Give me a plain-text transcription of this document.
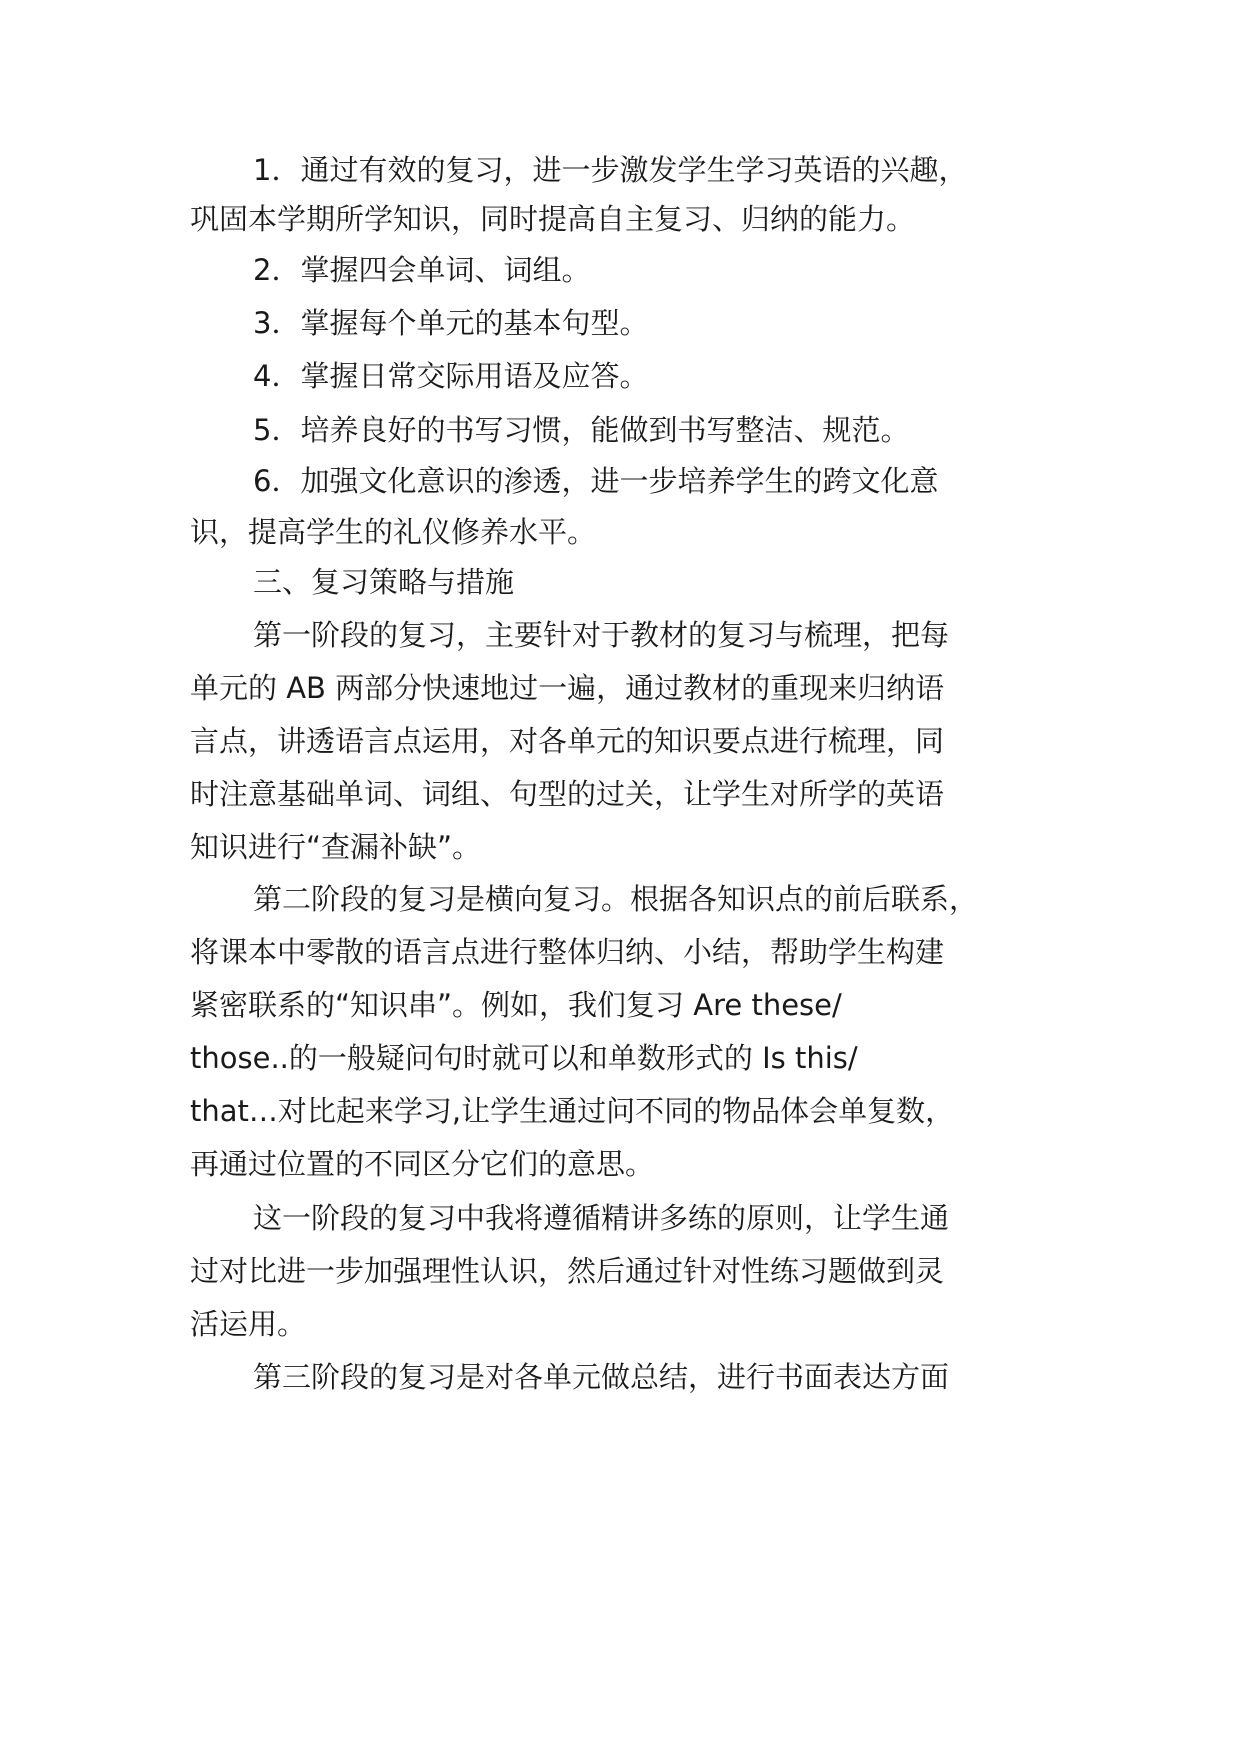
1．通过有效的复习，进一步激发学生学习英语的兴趣，
巩固本学期所学知识，同时提高自主复习、归纳的能力。
2．掌握四会单词、词组。
3．掌握每个单元的基本句型。
4．掌握日常交际用语及应答。
5．培养良好的书写习惯，能做到书写整洁、规范。
6．加强文化意识的渗透，进一步培养学生的跨文化意
识，提高学生的礼仪修养水平。
三、复习策略与措施
第一阶段的复习，主要针对于教材的复习与梳理，把每
单元的 AB 两部分快速地过一遍，通过教材的重现来归纳语
言点，讲透语言点运用，对各单元的知识要点进行梳理，同
时注意基础单词、词组、句型的过关，让学生对所学的英语
知识进行“查漏补缺”。
第二阶段的复习是横向复习。根据各知识点的前后联系，
将课本中零散的语言点进行整体归纳、小结，帮助学生构建
紧密联系的“知识串”。例如，我们复习 Are these/
those..的一般疑问句时就可以和单数形式的 Is this/
that…对比起来学习,让学生通过问不同的物品体会单复数，
再通过位置的不同区分它们的意思。
这一阶段的复习中我将遵循精讲多练的原则，让学生通
过对比进一步加强理性认识，然后通过针对性练习题做到灵
活运用。
第三阶段的复习是对各单元做总结，进行书面表达方面
